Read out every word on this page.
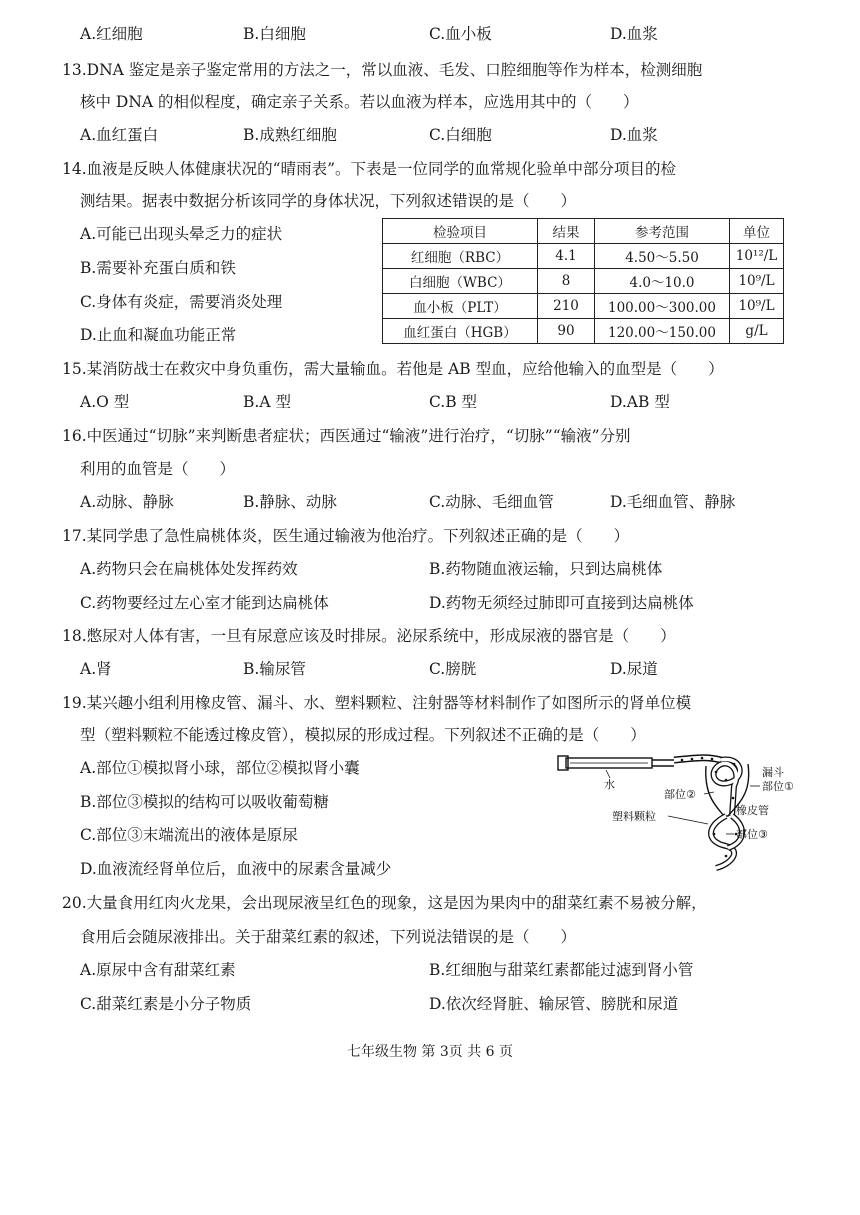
A.红细胞	B.白细胞	C.血小板	D.血浆
13.DNA 鉴定是亲子鉴定常用的方法之一，常以血液、毛发、口腔细胞等作为样本，检测细胞
核中 DNA 的相似程度，确定亲子关系。若以血液为样本，应选用其中的（　　）
A.血红蛋白	B.成熟红细胞	C.白细胞	D.血浆
14.血液是反映人体健康状况的“晴雨表”。下表是一位同学的血常规化验单中部分项目的检
测结果。据表中数据分析该同学的身体状况，下列叙述错误的是（　　）
A.可能已出现头晕乏力的症状
B.需要补充蛋白质和铁
C.身体有炎症，需要消炎处理
D.止血和凝血功能正常
检验项目	结果	参考范围	单位
红细胞（RBC）	4.1	4.50～5.50	10¹²/L
白细胞（WBC）	8	4.0～10.0	10⁹/L
血小板（PLT）	210	100.00～300.00	10⁹/L
血红蛋白（HGB）	90	120.00～150.00	g/L
15.某消防战士在救灾中身负重伤，需大量输血。若他是 AB 型血，应给他输入的血型是（　　）
A.O 型	B.A 型	C.B 型	D.AB 型
16.中医通过“切脉”来判断患者症状；西医通过“输液”进行治疗，“切脉”“输液”分别
利用的血管是（　　）
A.动脉、静脉	B.静脉、动脉	C.动脉、毛细血管	D.毛细血管、静脉
17.某同学患了急性扁桃体炎，医生通过输液为他治疗。下列叙述正确的是（　　）
A.药物只会在扁桃体处发挥药效	B.药物随血液运输，只到达扁桃体
C.药物要经过左心室才能到达扁桃体	D.药物无须经过肺即可直接到达扁桃体
18.憋尿对人体有害，一旦有尿意应该及时排尿。泌尿系统中，形成尿液的器官是（　　）
A.肾	B.输尿管	C.膀胱	D.尿道
19.某兴趣小组利用橡皮管、漏斗、水、塑料颗粒、注射器等材料制作了如图所示的肾单位模
型（塑料颗粒不能透过橡皮管），模拟尿的形成过程。下列叙述不正确的是（　　）
A.部位①模拟肾小球，部位②模拟肾小囊
B.部位③模拟的结构可以吸收葡萄糖
C.部位③末端流出的液体是原尿
D.血液流经肾单位后，血液中的尿素含量减少
水
漏斗
部位①
部位②
橡皮管
塑料颗粒
部位③
20.大量食用红肉火龙果，会出现尿液呈红色的现象，这是因为果肉中的甜菜红素不易被分解，
食用后会随尿液排出。关于甜菜红素的叙述，下列说法错误的是（　　）
A.原尿中含有甜菜红素	B.红细胞与甜菜红素都能过滤到肾小管
C.甜菜红素是小分子物质	D.依次经肾脏、输尿管、膀胱和尿道
七年级生物 第 3页 共 6 页
